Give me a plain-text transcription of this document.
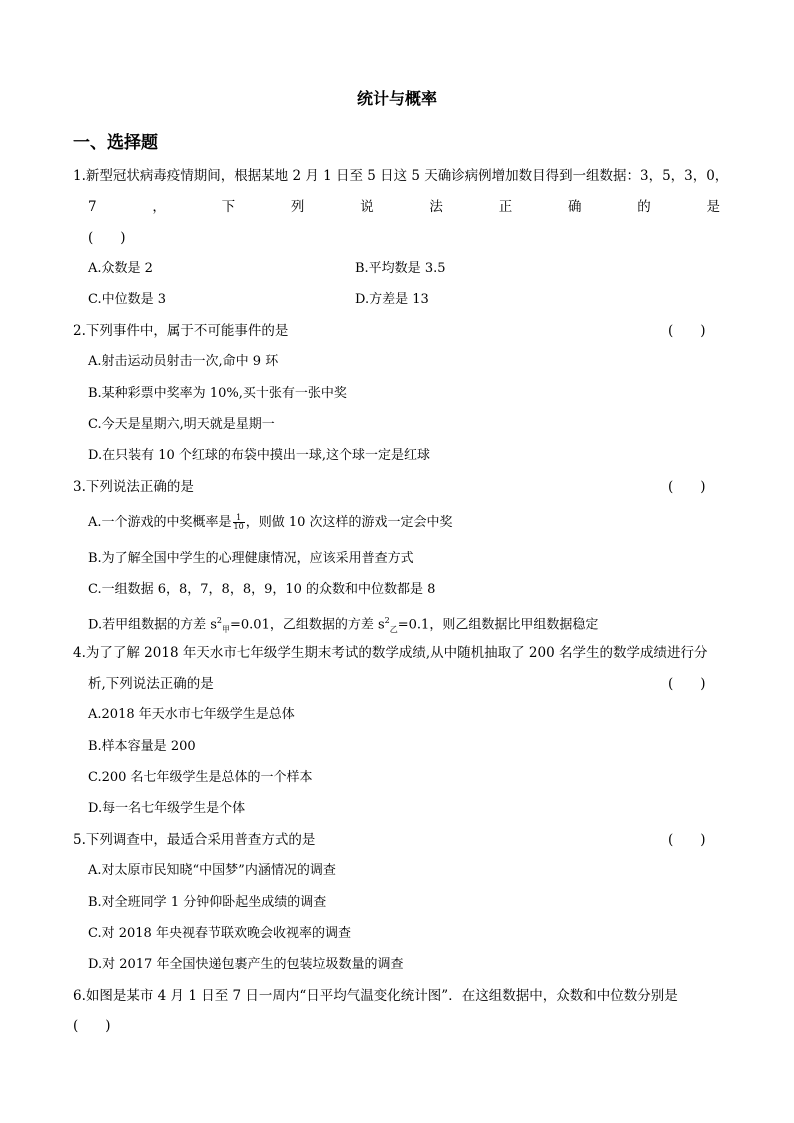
统计与概率
一、选择题
1.新型冠状病毒疫情期间，根据某地 2 月 1 日至 5 日这 5 天确诊病例增加数目得到一组数据：3，5，3，0，
7	，	下	列	说	法	正	确	的	是
(　　)
A.众数是 2	B.平均数是 3.5
C.中位数是 3	D.方差是 13
2.下列事件中，属于不可能事件的是	(　　)
A.射击运动员射击一次,命中 9 环
B.某种彩票中奖率为 10%,买十张有一张中奖
C.今天是星期六,明天就是星期一
D.在只装有 10 个红球的布袋中摸出一球,这个球一定是红球
3.下列说法正确的是	(　　)
A.一个游戏的中奖概率是 $\frac{1}{10}$ ，则做 10 次这样的游戏一定会中奖
B.为了解全国中学生的心理健康情况，应该采用普查方式
C.一组数据 6，8，7，8，8，9，10 的众数和中位数都是 8
D.若甲组数据的方差 $s^2_甲=0.01$，乙组数据的方差 $s^2_乙=0.1$，则乙组数据比甲组数据稳定
4.为了了解 2018 年天水市七年级学生期末考试的数学成绩,从中随机抽取了 200 名学生的数学成绩进行分
析,下列说法正确的是	(　　)
A.2018 年天水市七年级学生是总体
B.样本容量是 200
C.200 名七年级学生是总体的一个样本
D.每一名七年级学生是个体
5.下列调查中，最适合采用普查方式的是	(　　)
A.对太原市民知晓“中国梦”内涵情况的调查
B.对全班同学 1 分钟仰卧起坐成绩的调查
C.对 2018 年央视春节联欢晚会收视率的调查
D.对 2017 年全国快递包裹产生的包装垃圾数量的调查
6.如图是某市 4 月 1 日至 7 日一周内“日平均气温变化统计图”．在这组数据中，众数和中位数分别是
(　　)
